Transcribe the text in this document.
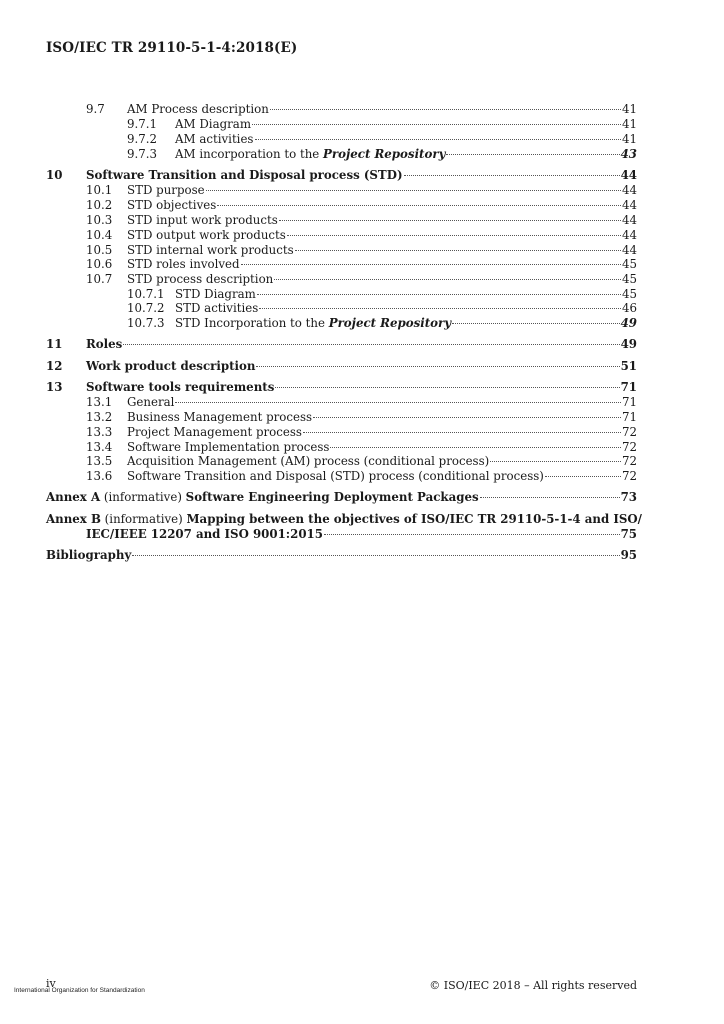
ISO/IEC TR 29110-5-1-4:2018(E)
9.7 AM Process description	41
9.7.1 AM Diagram	41
9.7.2 AM activities	41
9.7.3 AM incorporation to the Project Repository	43
10 Software Transition and Disposal process (STD)	44
10.1 STD purpose	44
10.2 STD objectives	44
10.3 STD input work products	44
10.4 STD output work products	44
10.5 STD internal work products	44
10.6 STD roles involved	45
10.7 STD process description	45
10.7.1 STD Diagram	45
10.7.2 STD activities	46
10.7.3 STD Incorporation to the Project Repository	49
11 Roles	49
12 Work product description	51
13 Software tools requirements	71
13.1 General	71
13.2 Business Management process	71
13.3 Project Management process	72
13.4 Software Implementation process	72
13.5 Acquisition Management (AM) process (conditional process)	72
13.6 Software Transition and Disposal (STD) process (conditional process)	72
Annex A (informative) Software Engineering Deployment Packages	73
Annex B (informative) Mapping between the objectives of ISO/IEC TR 29110-5-1-4 and ISO/
IEC/IEEE 12207 and ISO 9001:2015	75
Bibliography	95
iv
International Organization for Standardization	© ISO/IEC 2018 – All rights reserved
